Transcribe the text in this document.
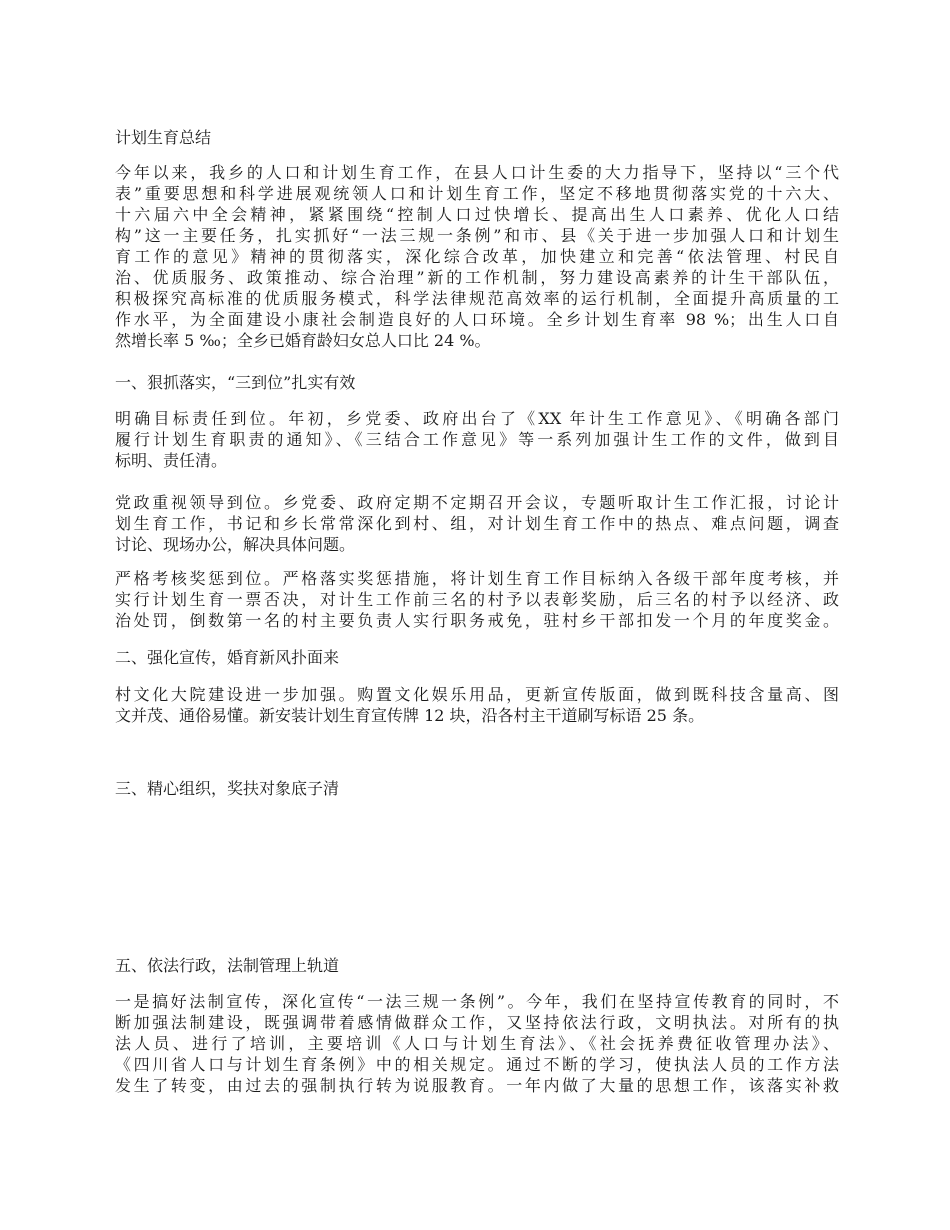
计划生育总结
今年以来，我乡的人口和计划生育工作，在县人口计生委的大力指导下，坚持以“三个代
表”重要思想和科学进展观统领人口和计划生育工作，坚定不移地贯彻落实党的十六大、
十六届六中全会精神，紧紧围绕“控制人口过快增长、提高出生人口素养、优化人口结
构”这一主要任务，扎实抓好“一法三规一条例”和市、县《关于进一步加强人口和计划生
育工作的意见》精神的贯彻落实，深化综合改革，加快建立和完善“依法管理、村民自
治、优质服务、政策推动、综合治理”新的工作机制，努力建设高素养的计生干部队伍，
积极探究高标准的优质服务模式，科学法律规范高效率的运行机制，全面提升高质量的工
作水平，为全面建设小康社会制造良好的人口环境。全乡计划生育率 98 %；出生人口自
然增长率 5 ‰；全乡已婚育龄妇女总人口比 24 %。
一、狠抓落实，“三到位”扎实有效
明确目标责任到位。年初，乡党委、政府出台了《XX 年计生工作意见》、《明确各部门
履行计划生育职责的通知》、《三结合工作意见》等一系列加强计生工作的文件，做到目
标明、责任清。
党政重视领导到位。乡党委、政府定期不定期召开会议，专题听取计生工作汇报，讨论计
划生育工作，书记和乡长常常深化到村、组，对计划生育工作中的热点、难点问题，调查
讨论、现场办公，解决具体问题。
严格考核奖惩到位。严格落实奖惩措施，将计划生育工作目标纳入各级干部年度考核，并
实行计划生育一票否决，对计生工作前三名的村予以表彰奖励，后三名的村予以经济、政
治处罚，倒数第一名的村主要负责人实行职务戒免，驻村乡干部扣发一个月的年度奖金。
二、强化宣传，婚育新风扑面来
村文化大院建设进一步加强。购置文化娱乐用品，更新宣传版面，做到既科技含量高、图
文并茂、通俗易懂。新安装计划生育宣传牌 12 块，沿各村主干道刷写标语 25 条。
三、精心组织，奖扶对象底子清
五、依法行政，法制管理上轨道
一是搞好法制宣传，深化宣传“一法三规一条例”。今年，我们在坚持宣传教育的同时，不
断加强法制建设，既强调带着感情做群众工作，又坚持依法行政，文明执法。对所有的执
法人员、进行了培训，主要培训《人口与计划生育法》、《社会抚养费征收管理办法》、
《四川省人口与计划生育条例》中的相关规定。通过不断的学习，使执法人员的工作方法
发生了转变，由过去的强制执行转为说服教育。一年内做了大量的思想工作，该落实补救
